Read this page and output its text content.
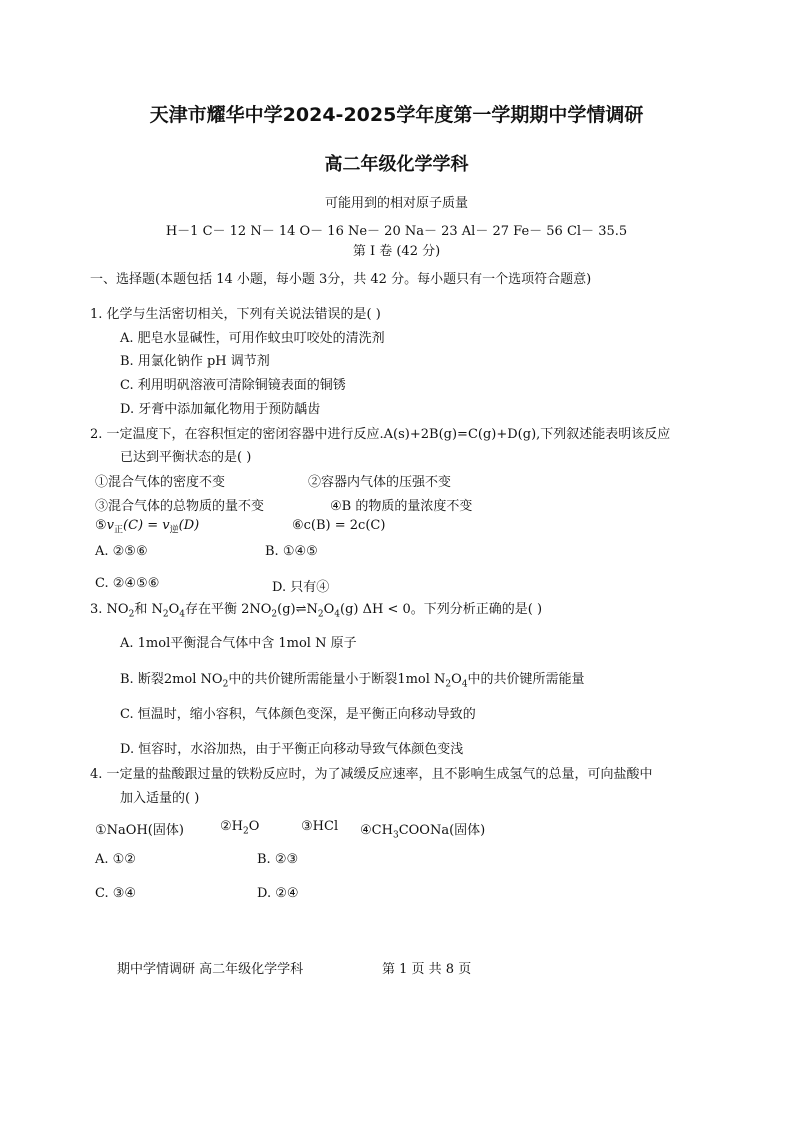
天津市耀华中学2024-2025学年度第一学期期中学情调研
高二年级化学学科
可能用到的相对原子质量
H－1 C－ 12 N－ 14 O－ 16 Ne－ 20 Na－ 23 Al－ 27 Fe－ 56 Cl－ 35.5
第 I 卷 (42 分)
一、选择题(本题包括 14 小题，每小题 3分，共 42 分。每小题只有一个选项符合题意)
1. 化学与生活密切相关，下列有关说法错误的是( )
A. 肥皂水显碱性，可用作蚊虫叮咬处的清洗剂
B. 用氯化钠作 pH 调节剂
C. 利用明矾溶液可清除铜镜表面的铜锈
D. 牙膏中添加氟化物用于预防龋齿
2. 一定温度下，在容积恒定的密闭容器中进行反应.A(s)+2B(g)=C(g)+D(g),下列叙述能表明该反应
已达到平衡状态的是( )
①混合气体的密度不变	②容器内气体的压强不变
③混合气体的总物质的量不变	④B 的物质的量浓度不变
$⑤v_正(C) = v_逆(D)$	⑥c(B) = 2c(C)
A. ②⑤⑥	B. ①④⑤
C. ②④⑤⑥	D. 只有④
3. $NO_2$和 $N_2O_4$存在平衡 $2NO_2(g)\rightleftharpoons N_2O_4(g) \Delta H < 0$。下列分析正确的是( )
A. 1mol平衡混合气体中含 1mol N 原子
B. 断裂2mol $NO_2$中的共价键所需能量小于断裂1mol $N_2O_4$中的共价键所需能量
C. 恒温时，缩小容积，气体颜色变深，是平衡正向移动导致的
D. 恒容时，水浴加热，由于平衡正向移动导致气体颜色变浅
4. 一定量的盐酸跟过量的铁粉反应时，为了减缓反应速率，且不影响生成氢气的总量，可向盐酸中
加入适量的( )
①NaOH(固体)	$②H_2O$	③HCl $④CH_3COONa$(固体)
A. ①②	B. ②③
C. ③④	D. ②④
期中学情调研 高二年级化学学科	第 1 页 共 8 页
